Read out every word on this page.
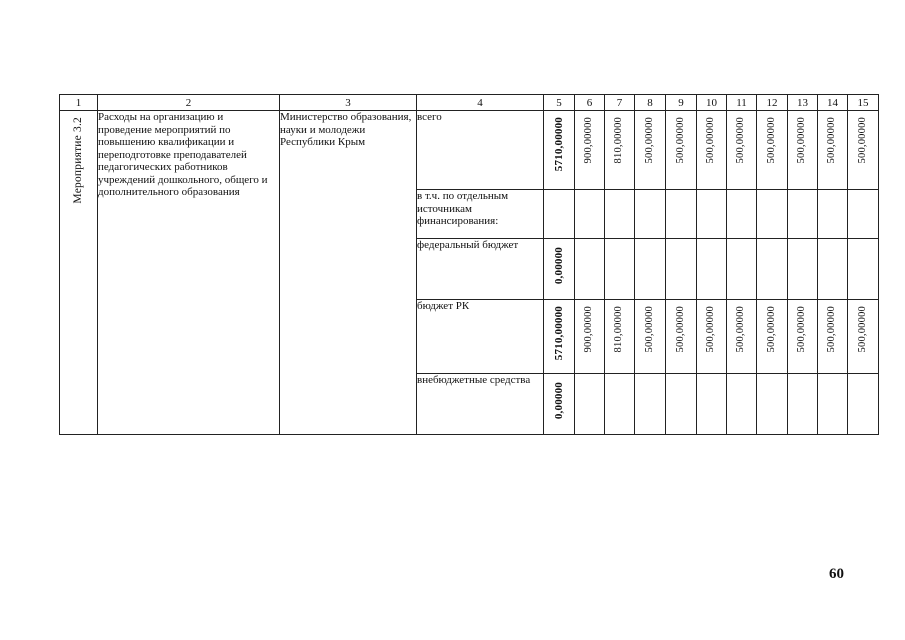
1	2	3	4	5	6	7	8	9	10	11	12	13	14	15

Мероприятие 3.2	Расходы на организацию и проведение мероприятий по повышению квалификации и переподготовке преподавателей педагогических работников учреждений дошкольного, общего и дополнительного образования	Министерство образования, науки и молодежи Республики Крым	всего	5710,00000	900,00000	810,00000	500,00000	500,00000	500,00000	500,00000	500,00000	500,00000	500,00000	500,00000

			в т.ч. по отдельным источникам финансирования:											
			федеральный бюджет	0,00000										

			бюджет РК	5710,00000	900,00000	810,00000	500,00000	500,00000	500,00000	500,00000	500,00000	500,00000	500,00000	500,00000

			внебюджетные средства	0,00000										

60
